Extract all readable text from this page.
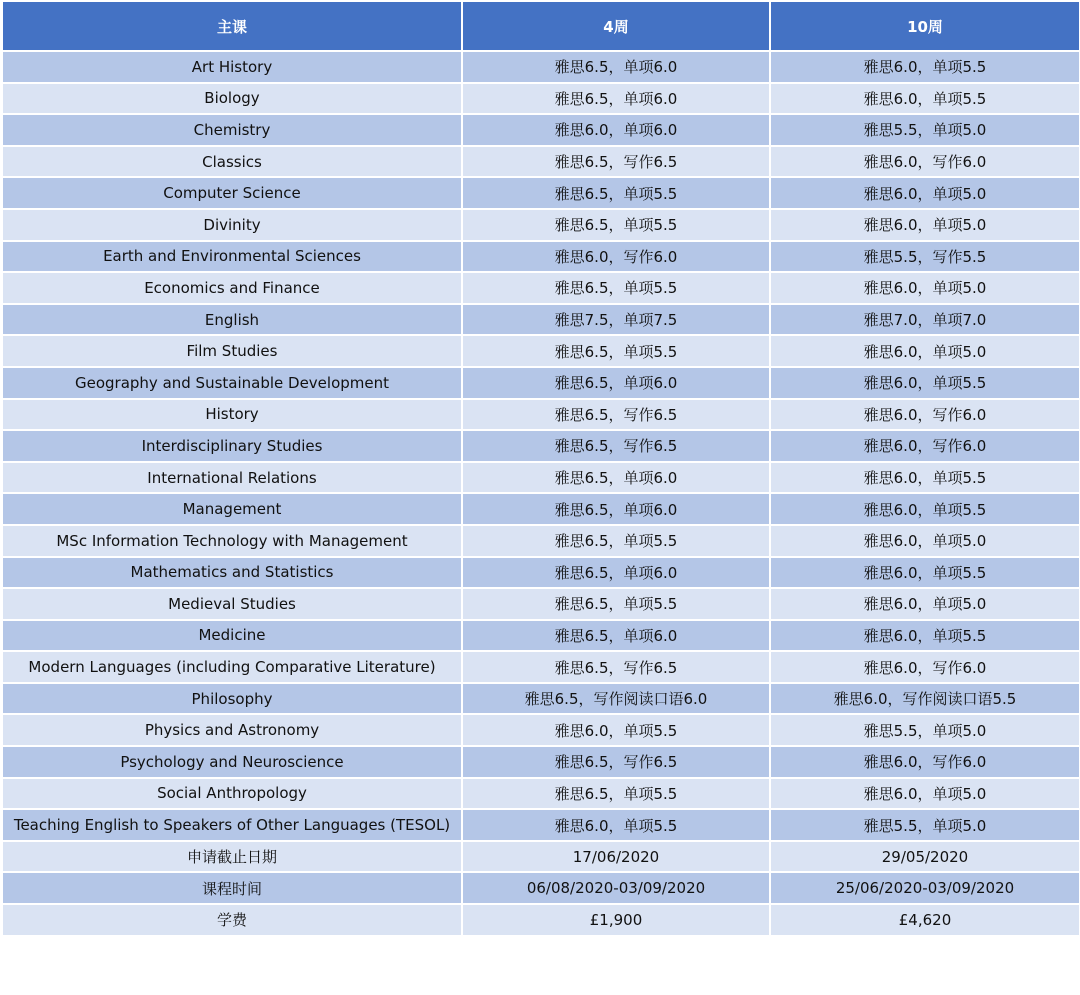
主课	4周	10周
Art History	雅思6.5，单项6.0	雅思6.0，单项5.5
Biology	雅思6.5，单项6.0	雅思6.0，单项5.5
Chemistry	雅思6.0，单项6.0	雅思5.5，单项5.0
Classics	雅思6.5，写作6.5	雅思6.0，写作6.0
Computer Science	雅思6.5，单项5.5	雅思6.0，单项5.0
Divinity	雅思6.5，单项5.5	雅思6.0，单项5.0
Earth and Environmental Sciences	雅思6.0，写作6.0	雅思5.5，写作5.5
Economics and Finance	雅思6.5，单项5.5	雅思6.0，单项5.0
English	雅思7.5，单项7.5	雅思7.0，单项7.0
Film Studies	雅思6.5，单项5.5	雅思6.0，单项5.0
Geography and Sustainable Development	雅思6.5，单项6.0	雅思6.0，单项5.5
History	雅思6.5，写作6.5	雅思6.0，写作6.0
Interdisciplinary Studies	雅思6.5，写作6.5	雅思6.0，写作6.0
International Relations	雅思6.5，单项6.0	雅思6.0，单项5.5
Management	雅思6.5，单项6.0	雅思6.0，单项5.5
MSc Information Technology with Management	雅思6.5，单项5.5	雅思6.0，单项5.0
Mathematics and Statistics	雅思6.5，单项6.0	雅思6.0，单项5.5
Medieval Studies	雅思6.5，单项5.5	雅思6.0，单项5.0
Medicine	雅思6.5，单项6.0	雅思6.0，单项5.5
Modern Languages (including Comparative Literature)	雅思6.5，写作6.5	雅思6.0，写作6.0
Philosophy	雅思6.5，写作阅读口语6.0	雅思6.0，写作阅读口语5.5
Physics and Astronomy	雅思6.0，单项5.5	雅思5.5，单项5.0
Psychology and Neuroscience	雅思6.5，写作6.5	雅思6.0，写作6.0
Social Anthropology	雅思6.5，单项5.5	雅思6.0，单项5.0
Teaching English to Speakers of Other Languages (TESOL)	雅思6.0，单项5.5	雅思5.5，单项5.0
申请截止日期	17/06/2020	29/05/2020
课程时间	06/08/2020-03/09/2020	25/06/2020-03/09/2020
学费	£1,900	£4,620
